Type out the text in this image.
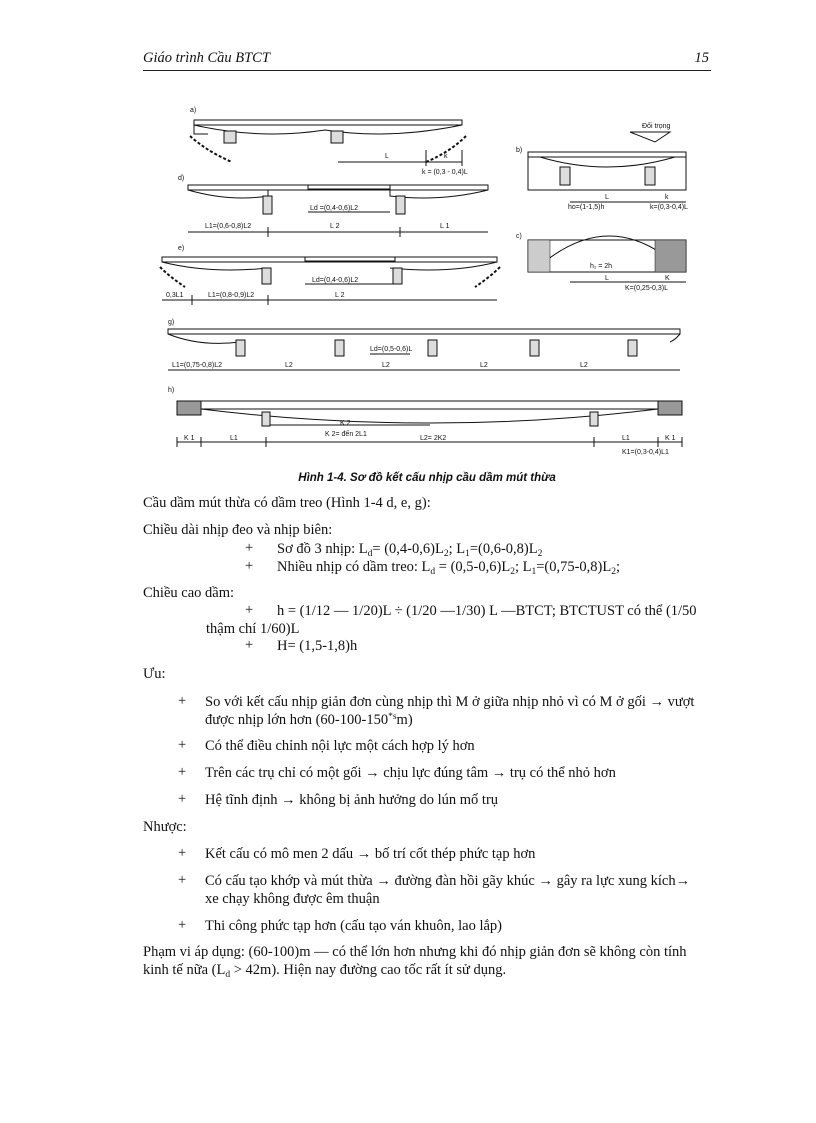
Giáo trình Cầu BTCT	15
a)
L	k
k = (0,3 - 0,4)L
d)
Ld =(0,4-0,6)L2
L1=(0,6-0,8)L2	L 2	L 1
e)
Ld=(0,4-0,6)L2
0,3L1	L1=(0,8-0,9)L2	L 2
b)
Đối trọng
L	k
ho=(1-1,5)h	k=(0,3-0,4)L
c)
h₁ = 2h
L	K
K=(0,25-0,3)L
g)
Ld=(0,5-0,6)L
L1=(0,75-0,8)L2	L2	L2	L2	L2
h)
K 2
K 2= đến 2L1
K 1	L1	L2= 2K2	L1	K 1
K1=(0,3-0,4)L1
Hình 1-4. Sơ đồ kết cấu nhịp cầu dầm mút thừa
Cầu dầm mút thừa có dầm treo (Hình 1-4 d, e, g):
Chiều dài nhịp đeo và nhịp biên:
+ Sơ đồ 3 nhịp: $L_d= (0,4-0,6)L_2$; $L_1=(0,6-0,8)L_2$
+ Nhiều nhịp có dầm treo: $L_d = (0,5-0,6)L_2$; $L_1=(0,75-0,8)L_2$;
Chiều cao dầm:
+ h = (1/12 — 1/20)L ÷ (1/20 —1/30) L —BTCT; BTCTUST có thể (1/50
thậm chí 1/60)L
+ H= (1,5-1,8)h
Ưu:
+ So với kết cấu nhịp giản đơn cùng nhịp thì M ở giữa nhịp nhỏ vì có M ở gối → vượt
được nhịp lớn hơn $(60-100-150^{*s}m)$
+ Có thể điều chỉnh nội lực một cách hợp lý hơn
+ Trên các trụ chỉ có một gối → chịu lực đúng tâm → trụ có thể nhỏ hơn
+ Hệ tĩnh định → không bị ảnh hưởng do lún mố trụ
Nhược:
+ Kết cấu có mô men 2 dấu → bố trí cốt thép phức tạp hơn
+ Có cấu tạo khớp và mút thừa → đường đàn hồi gãy khúc → gây ra lực xung kích→
xe chạy không được êm thuận
+ Thi công phức tạp hơn (cấu tạo ván khuôn, lao lắp)
Phạm vi áp dụng: (60-100)m — có thể lớn hơn nhưng khi đó nhịp giản đơn sẽ không còn tính
kinh tế nữa $(L_d > 42m)$. Hiện nay đường cao tốc rất ít sử dụng.
